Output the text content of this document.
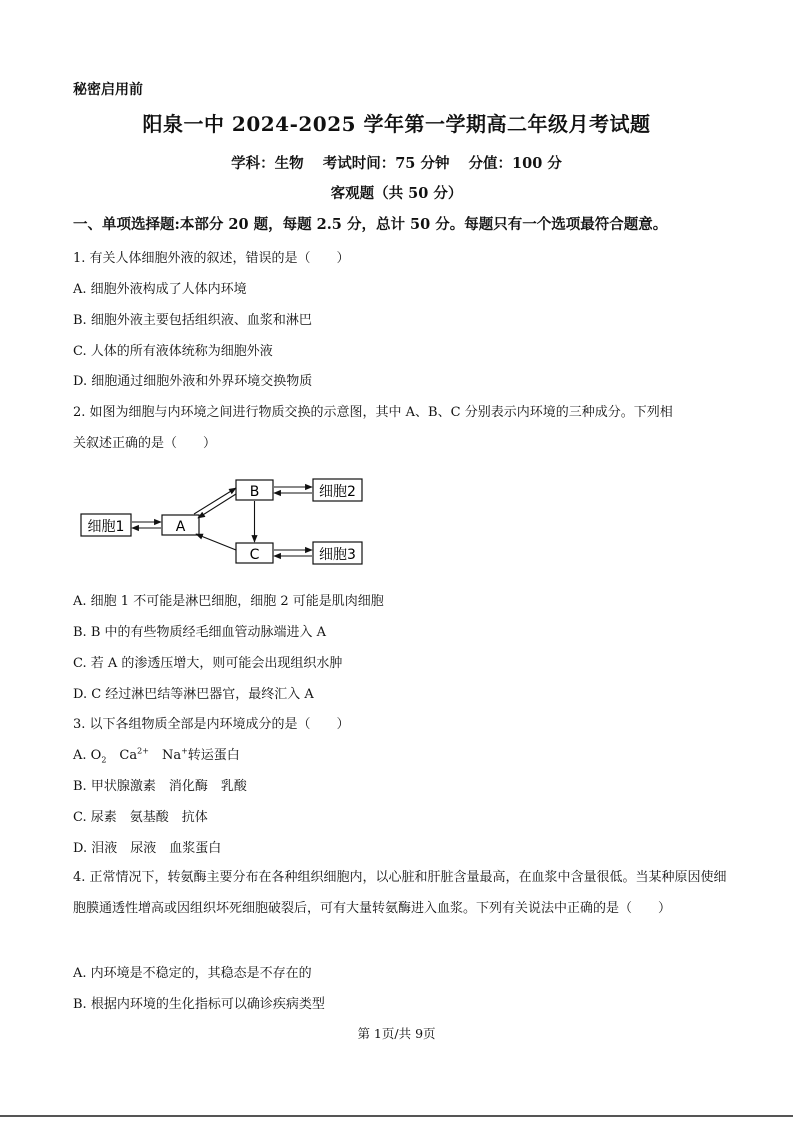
秘密启用前
阳泉一中 2024-2025 学年第一学期高二年级月考试题
学科：生物 考试时间：75 分钟 分值：100 分
客观题（共 50 分）
一、单项选择题:本部分 20 题，每题 2.5 分，总计 50 分。每题只有一个选项最符合题意。
1. 有关人体细胞外液的叙述，错误的是（　　）
A. 细胞外液构成了人体内环境
B. 细胞外液主要包括组织液、血浆和淋巴
C. 人体的所有液体统称为细胞外液
D. 细胞通过细胞外液和外界环境交换物质
2. 如图为细胞与内环境之间进行物质交换的示意图，其中 A、B、C 分别表示内环境的三种成分。下列相
关叙述正确的是（　　）
细胞1	A
B
C
细胞2
细胞3
A. 细胞 1 不可能是淋巴细胞，细胞 2 可能是肌肉细胞
B. B 中的有些物质经毛细血管动脉端进入 A
C. 若 A 的渗透压增大，则可能会出现组织水肿
D. C 经过淋巴结等淋巴器官，最终汇入 A
3. 以下各组物质全部是内环境成分的是（　　）
A. $O_2$　 $Ca^{2+}$　 Na+转运蛋白
B. 甲状腺激素　消化酶　乳酸
C. 尿素　氨基酸　抗体
D. 泪液　尿液　血浆蛋白
4. 正常情况下，转氨酶主要分布在各种组织细胞内，以心脏和肝脏含量最高，在血浆中含量很低。当某种原因使细胞膜通透性增高或因组织坏死细胞破裂后，可有大量转氨酶进入血浆。下列有关说法中正确的是（　　）
A. 内环境是不稳定的，其稳态是不存在的
B. 根据内环境的生化指标可以确诊疾病类型
第 1页/共 9页
